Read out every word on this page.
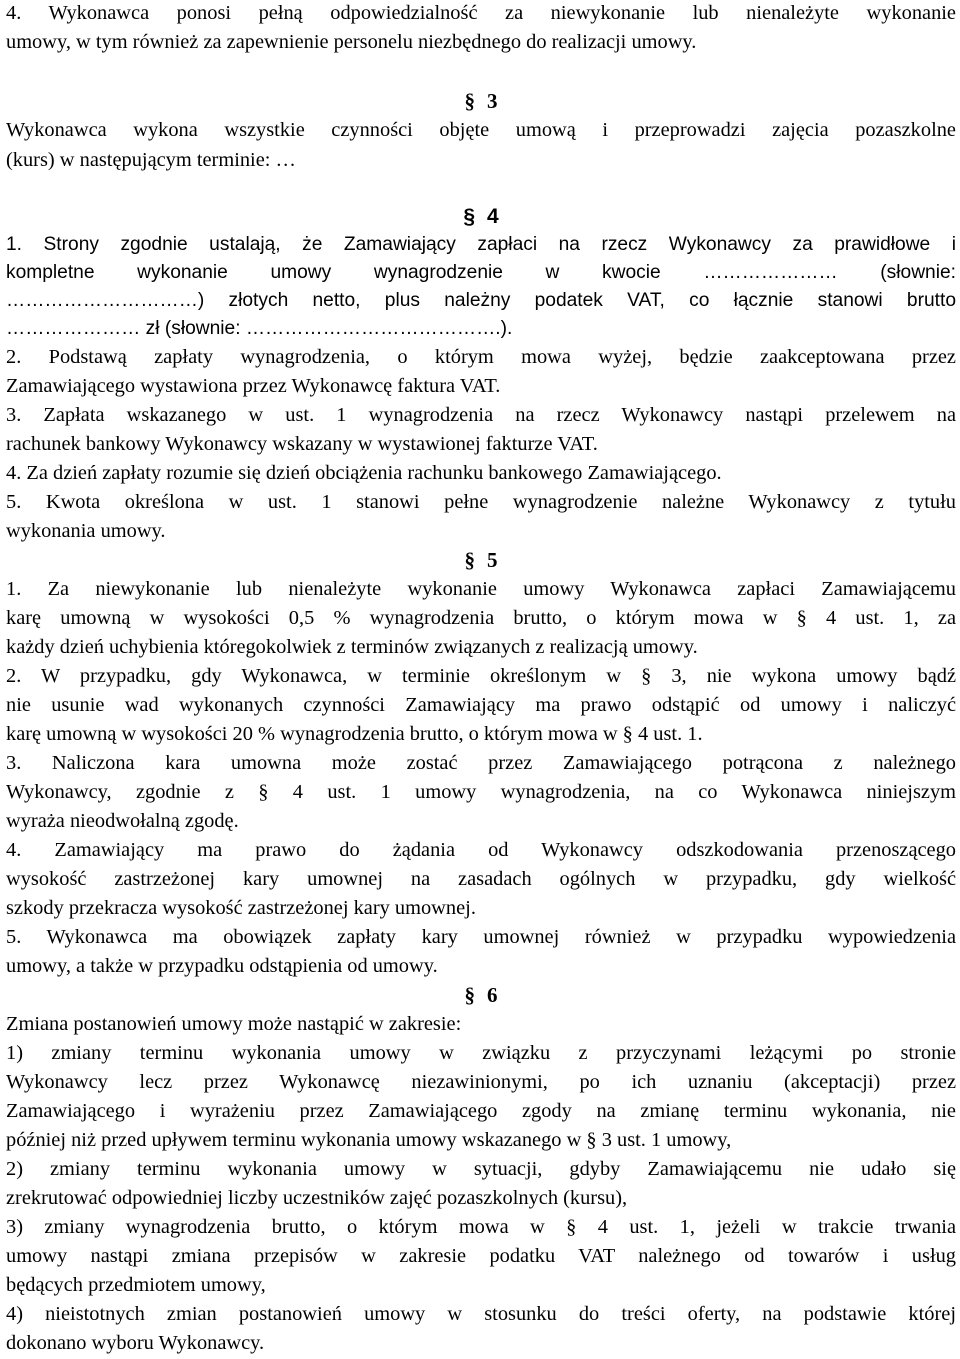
4. Wykonawca ponosi pełną odpowiedzialność za niewykonanie lub nienależyte wykonanie
umowy, w tym również za zapewnienie personelu niezbędnego do realizacji umowy.
§ 3
Wykonawca wykona wszystkie czynności objęte umową i przeprowadzi zajęcia pozaszkolne
(kurs) w następującym terminie: …
§ 4
1. Strony zgodnie ustalają, że Zamawiający zapłaci na rzecz Wykonawcy za prawidłowe i
kompletne wykonanie umowy wynagrodzenie w kwocie ………………… (słownie:
…………………………) złotych netto, plus należny podatek VAT, co łącznie stanowi brutto
………………… zł (słownie: ………………………………….).
2. Podstawą zapłaty wynagrodzenia, o którym mowa wyżej, będzie zaakceptowana przez
Zamawiającego wystawiona przez Wykonawcę faktura VAT.
3. Zapłata wskazanego w ust. 1 wynagrodzenia na rzecz Wykonawcy nastąpi przelewem na
rachunek bankowy Wykonawcy wskazany w wystawionej fakturze VAT.
4. Za dzień zapłaty rozumie się dzień obciążenia rachunku bankowego Zamawiającego.
5. Kwota określona w ust. 1 stanowi pełne wynagrodzenie należne Wykonawcy z tytułu
wykonania umowy.
§ 5
1. Za niewykonanie lub nienależyte wykonanie umowy Wykonawca zapłaci Zamawiającemu
karę umowną w wysokości 0,5 % wynagrodzenia brutto, o którym mowa w § 4 ust. 1, za
każdy dzień uchybienia któregokolwiek z terminów związanych z realizacją umowy.
2. W przypadku, gdy Wykonawca, w terminie określonym w § 3, nie wykona umowy bądź
nie usunie wad wykonanych czynności Zamawiający ma prawo odstąpić od umowy i naliczyć
karę umowną w wysokości 20 % wynagrodzenia brutto, o którym mowa w § 4 ust. 1.
3. Naliczona kara umowna może zostać przez Zamawiającego potrącona z należnego
Wykonawcy, zgodnie z § 4 ust. 1 umowy wynagrodzenia, na co Wykonawca niniejszym
wyraża nieodwołalną zgodę.
4. Zamawiający ma prawo do żądania od Wykonawcy odszkodowania przenoszącego
wysokość zastrzeżonej kary umownej na zasadach ogólnych w przypadku, gdy wielkość
szkody przekracza wysokość zastrzeżonej kary umownej.
5. Wykonawca ma obowiązek zapłaty kary umownej również w przypadku wypowiedzenia
umowy, a także w przypadku odstąpienia od umowy.
§ 6
Zmiana postanowień umowy może nastąpić w zakresie:
1) zmiany terminu wykonania umowy w związku z przyczynami leżącymi po stronie
Wykonawcy lecz przez Wykonawcę niezawinionymi, po ich uznaniu (akceptacji) przez
Zamawiającego i wyrażeniu przez Zamawiającego zgody na zmianę terminu wykonania, nie
później niż przed upływem terminu wykonania umowy wskazanego w § 3 ust. 1 umowy,
2) zmiany terminu wykonania umowy w sytuacji, gdyby Zamawiającemu nie udało się
zrekrutować odpowiedniej liczby uczestników zajęć pozaszkolnych (kursu),
3) zmiany wynagrodzenia brutto, o którym mowa w § 4 ust. 1, jeżeli w trakcie trwania
umowy nastąpi zmiana przepisów w zakresie podatku VAT należnego od towarów i usług
będących przedmiotem umowy,
4) nieistotnych zmian postanowień umowy w stosunku do treści oferty, na podstawie której
dokonano wyboru Wykonawcy.
